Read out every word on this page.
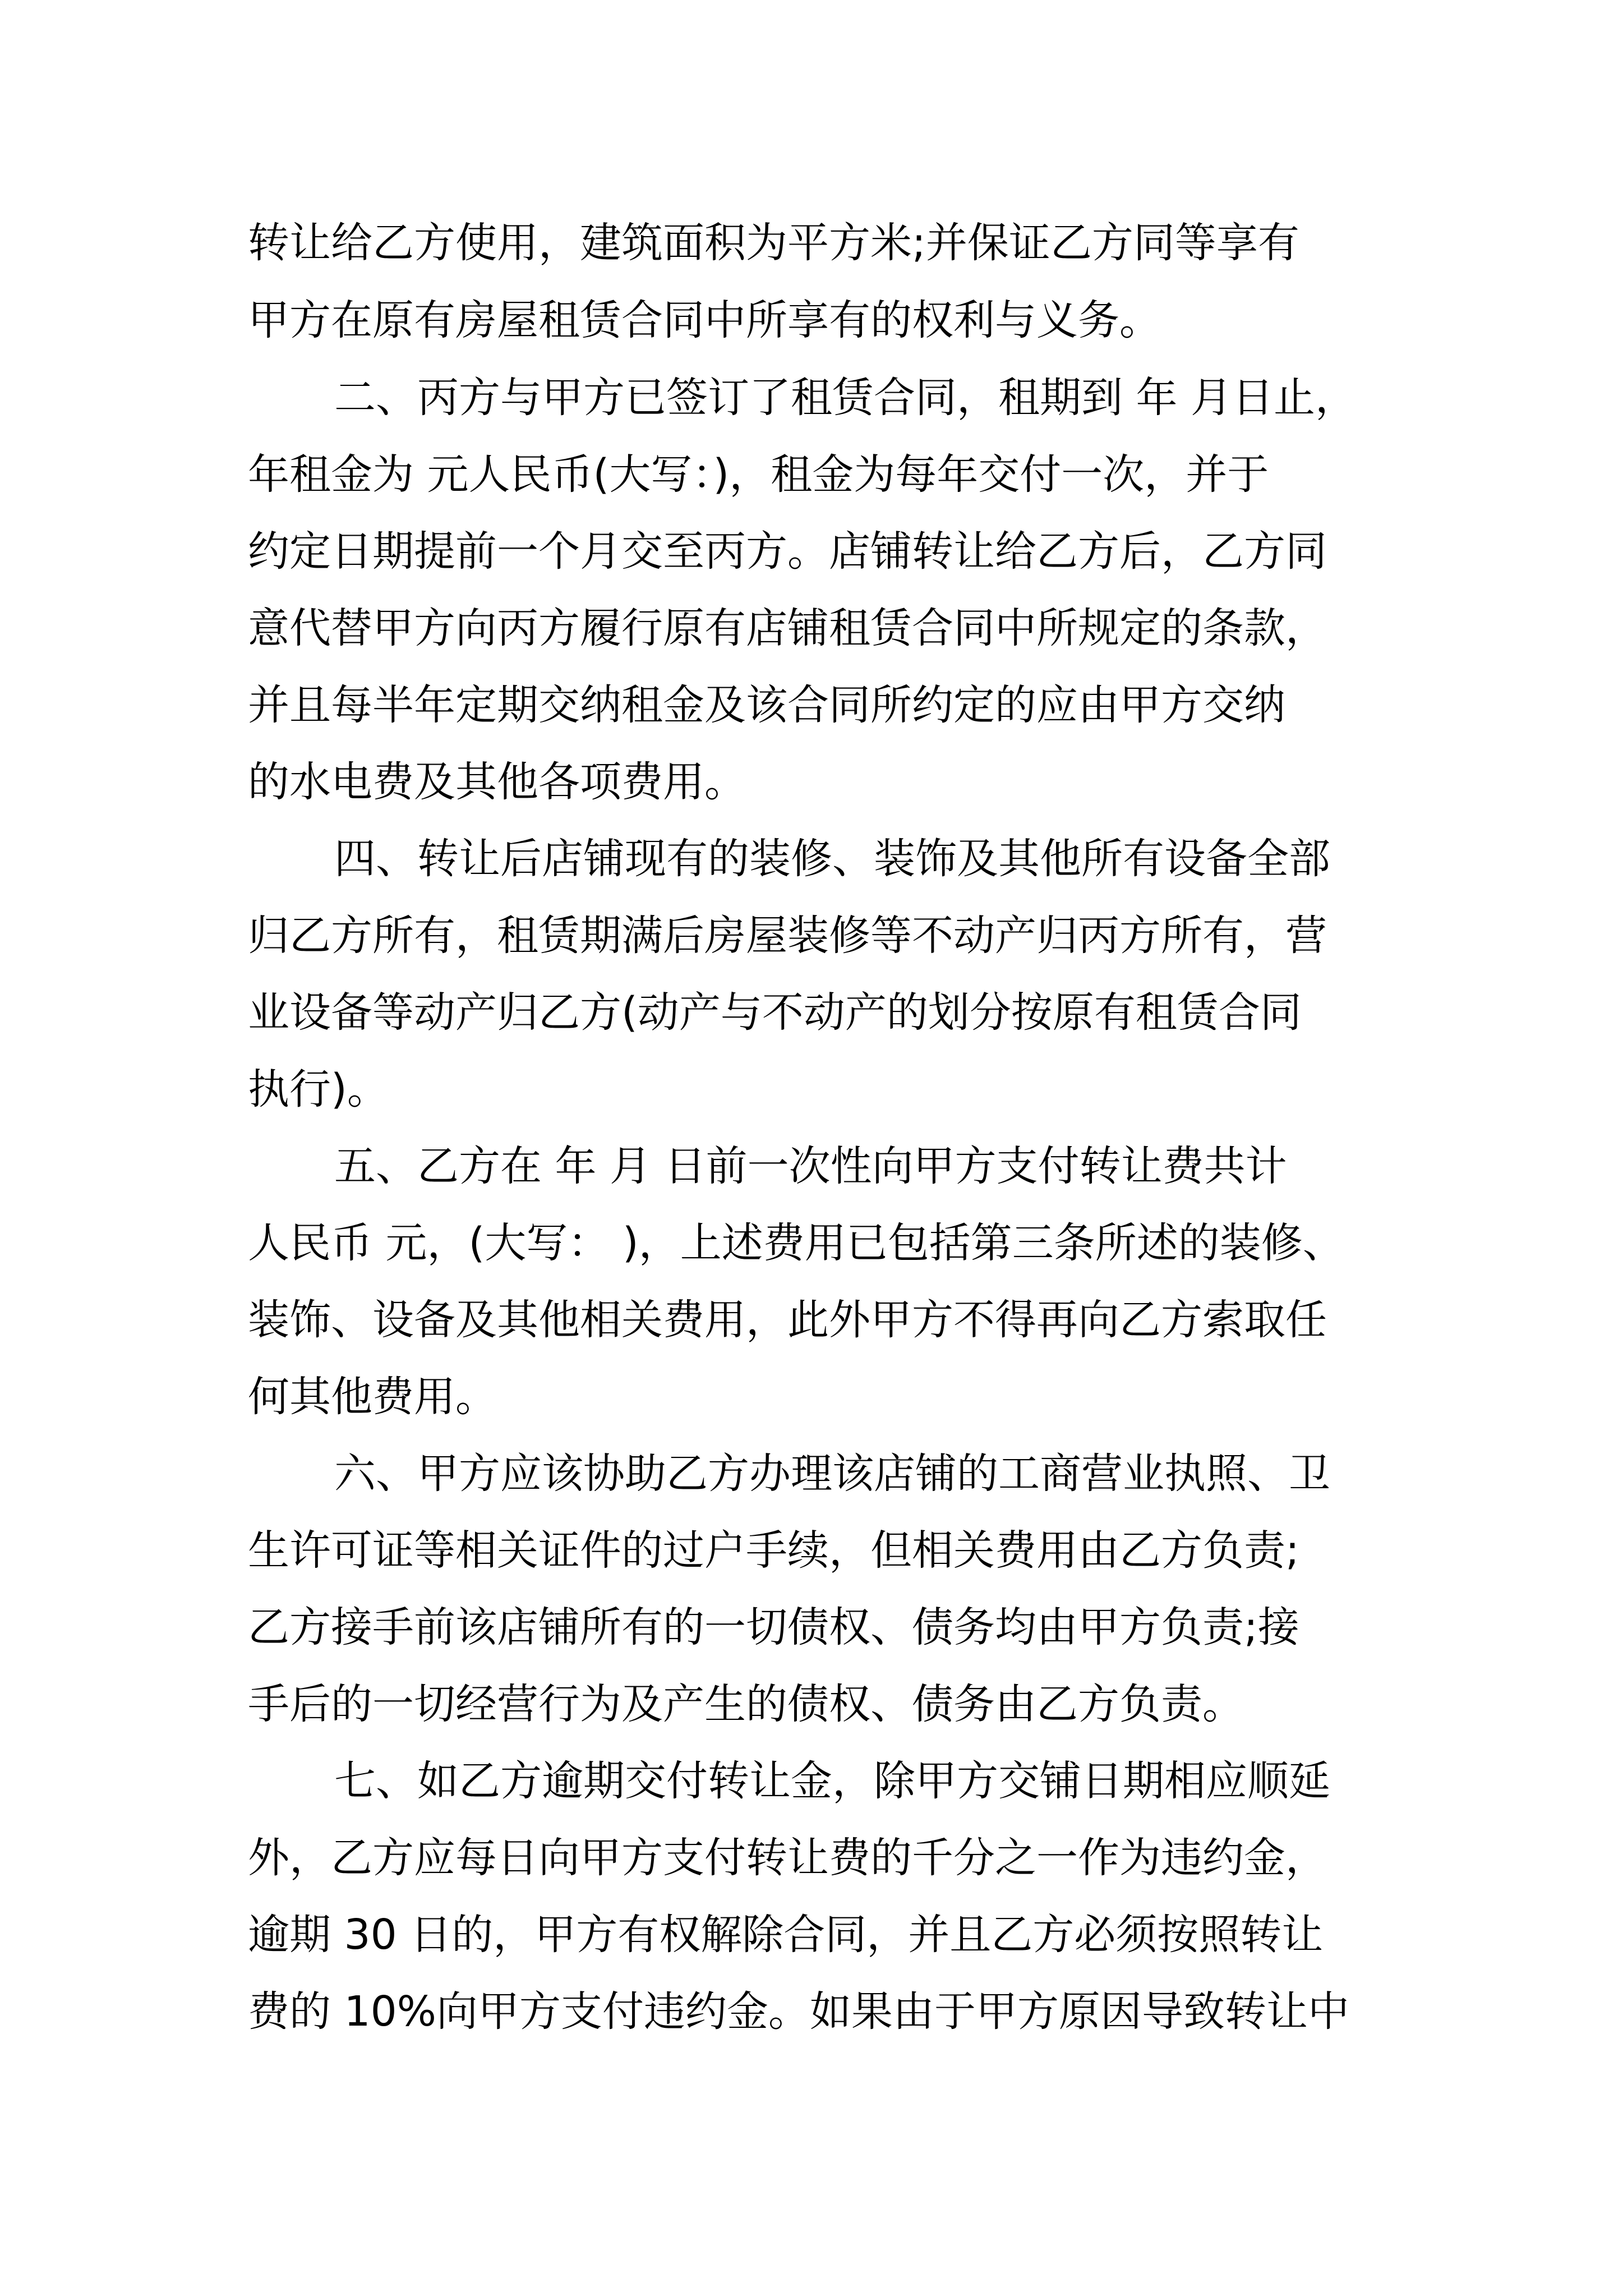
转让给乙方使用，建筑面积为平方米;并保证乙方同等享有

甲方在原有房屋租赁合同中所享有的权利与义务。

二、丙方与甲方已签订了租赁合同，租期到 年 月日止，

年租金为 元人民币(大写：)，租金为每年交付一次，并于

约定日期提前一个月交至丙方。店铺转让给乙方后，乙方同

意代替甲方向丙方履行原有店铺租赁合同中所规定的条款，

并且每半年定期交纳租金及该合同所约定的应由甲方交纳

的水电费及其他各项费用。

四、转让后店铺现有的装修、装饰及其他所有设备全部

归乙方所有，租赁期满后房屋装修等不动产归丙方所有，营

业设备等动产归乙方(动产与不动产的划分按原有租赁合同

执行)。

五、乙方在 年 月 日前一次性向甲方支付转让费共计

人民币 元，(大写： )，上述费用已包括第三条所述的装修、

装饰、设备及其他相关费用，此外甲方不得再向乙方索取任

何其他费用。

六、甲方应该协助乙方办理该店铺的工商营业执照、卫

生许可证等相关证件的过户手续，但相关费用由乙方负责;

乙方接手前该店铺所有的一切债权、债务均由甲方负责;接

手后的一切经营行为及产生的债权、债务由乙方负责。

七、如乙方逾期交付转让金，除甲方交铺日期相应顺延

外，乙方应每日向甲方支付转让费的千分之一作为违约金，

逾期 30 日的，甲方有权解除合同，并且乙方必须按照转让

费的 10%向甲方支付违约金。如果由于甲方原因导致转让中
